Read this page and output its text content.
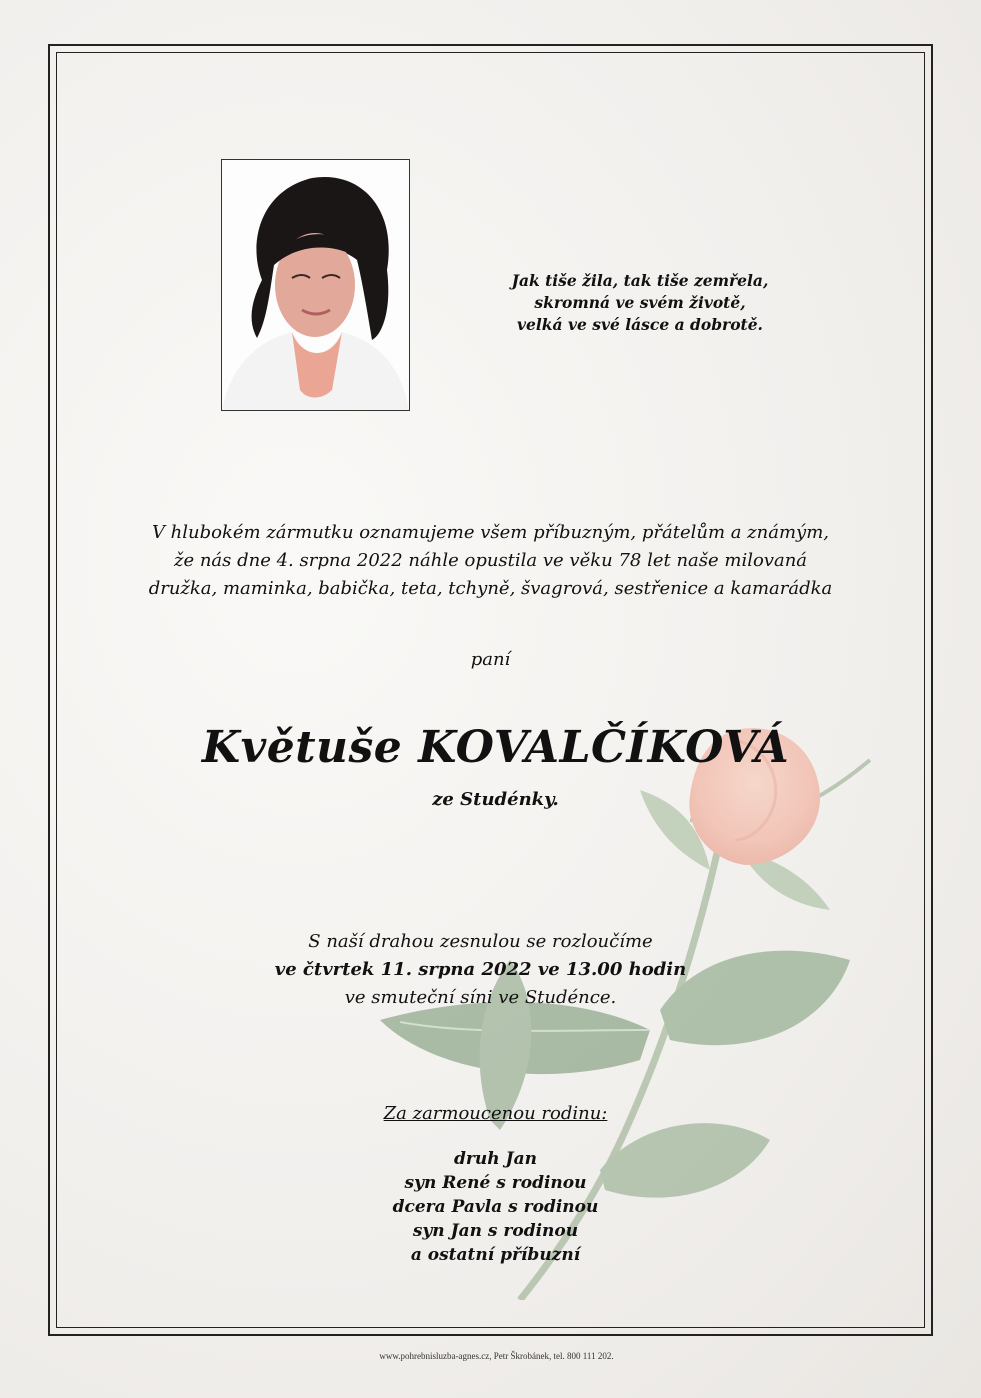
Jak tiše žila, tak tiše zemřela,
skromná ve svém životě,
velká ve své lásce a dobrotě.
V hlubokém zármutku oznamujeme všem příbuzným, přátelům a známým,
že nás dne 4. srpna 2022 náhle opustila ve věku 78 let naše milovaná
družka, maminka, babička, teta, tchyně, švagrová, sestřenice a kamarádka
paní
Květuše KOVALČÍKOVÁ
ze Studénky.
S naší drahou zesnulou se rozloučíme
ve čtvrtek 11. srpna 2022 ve 13.00 hodin
ve smuteční síni ve Studénce.
Za zarmoucenou rodinu:
druh Jan
syn René s rodinou
dcera Pavla s rodinou
syn Jan s rodinou
a ostatní příbuzní
www.pohrebnisluzba-agnes.cz, Petr Škrobánek, tel. 800 111 202.
